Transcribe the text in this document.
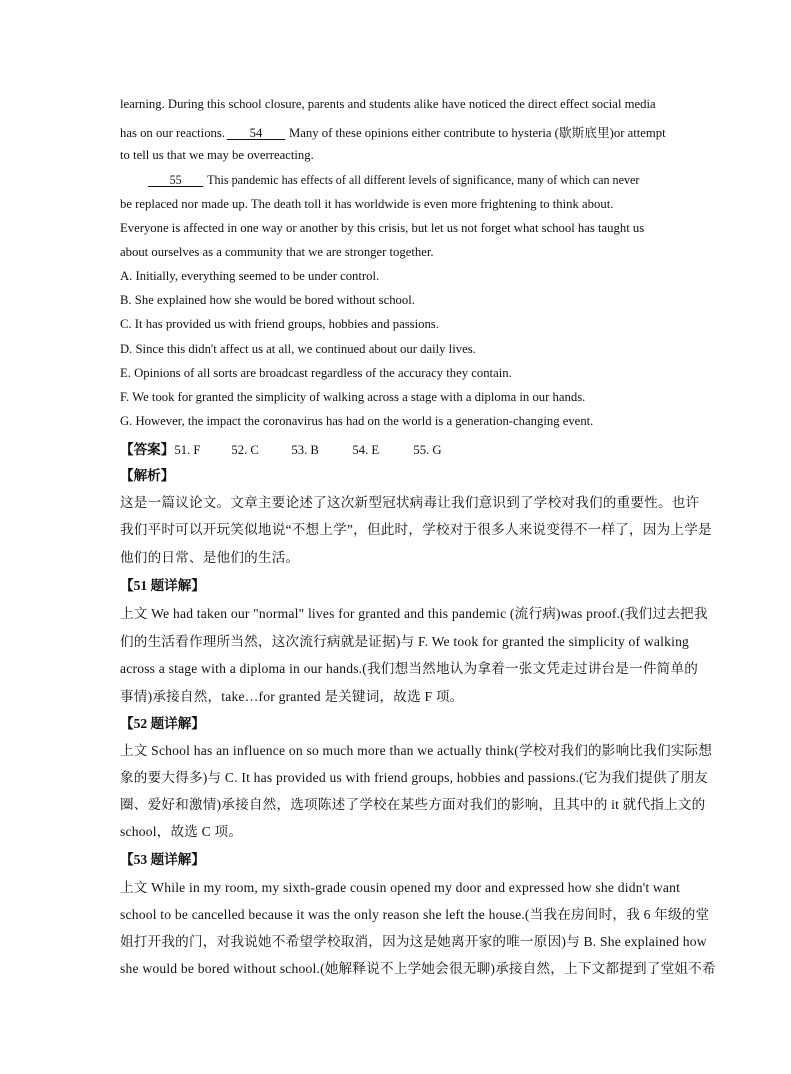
learning. During this school closure, parents and students alike have noticed the direct effect social media
has on our reactions. 54 Many of these opinions either contribute to hysteria (歇斯底里)or attempt
to tell us that we may be overreacting.
55 This pandemic has effects of all different levels of significance, many of which can never
be replaced nor made up. The death toll it has worldwide is even more frightening to think about.
Everyone is affected in one way or another by this crisis, but let us not forget what school has taught us
about ourselves as a community that we are stronger together.
A. Initially, everything seemed to be under control.
B. She explained how she would be bored without school.
C. It has provided us with friend groups, hobbies and passions.
D. Since this didn't affect us at all, we continued about our daily lives.
E. Opinions of all sorts are broadcast regardless of the accuracy they contain.
F. We took for granted the simplicity of walking across a stage with a diploma in our hands.
G. However, the impact the coronavirus has had on the world is a generation-changing event.
【答案】51. F 52. C	53. B	54. E	55. G
【解析】
这是一篇议论文。文章主要论述了这次新型冠状病毒让我们意识到了学校对我们的重要性。也许
我们平时可以开玩笑似地说“不想上学”，但此时，学校对于很多人来说变得不一样了，因为上学是
他们的日常、是他们的生活。
【51 题详解】
上文 We had taken our "normal" lives for granted and this pandemic (流行病)was proof.(我们过去把我
们的生活看作理所当然，这次流行病就是证据)与 F. We took for granted the simplicity of walking
across a stage with a diploma in our hands.(我们想当然地认为拿着一张文凭走过讲台是一件简单的
事情)承接自然，take…for granted 是关键词，故选 F 项。
【52 题详解】
上文 School has an influence on so much more than we actually think(学校对我们的影响比我们实际想
象的要大得多)与 C. It has provided us with friend groups, hobbies and passions.(它为我们提供了朋友
圈、爱好和激情)承接自然，选项陈述了学校在某些方面对我们的影响，且其中的 it 就代指上文的
school，故选 C 项。
【53 题详解】
上文 While in my room, my sixth-grade cousin opened my door and expressed how she didn't want
school to be cancelled because it was the only reason she left the house.(当我在房间时，我 6 年级的堂
姐打开我的门，对我说她不希望学校取消，因为这是她离开家的唯一原因)与 B. She explained how
she would be bored without school.(她解释说不上学她会很无聊)承接自然，上下文都提到了堂姐不希
